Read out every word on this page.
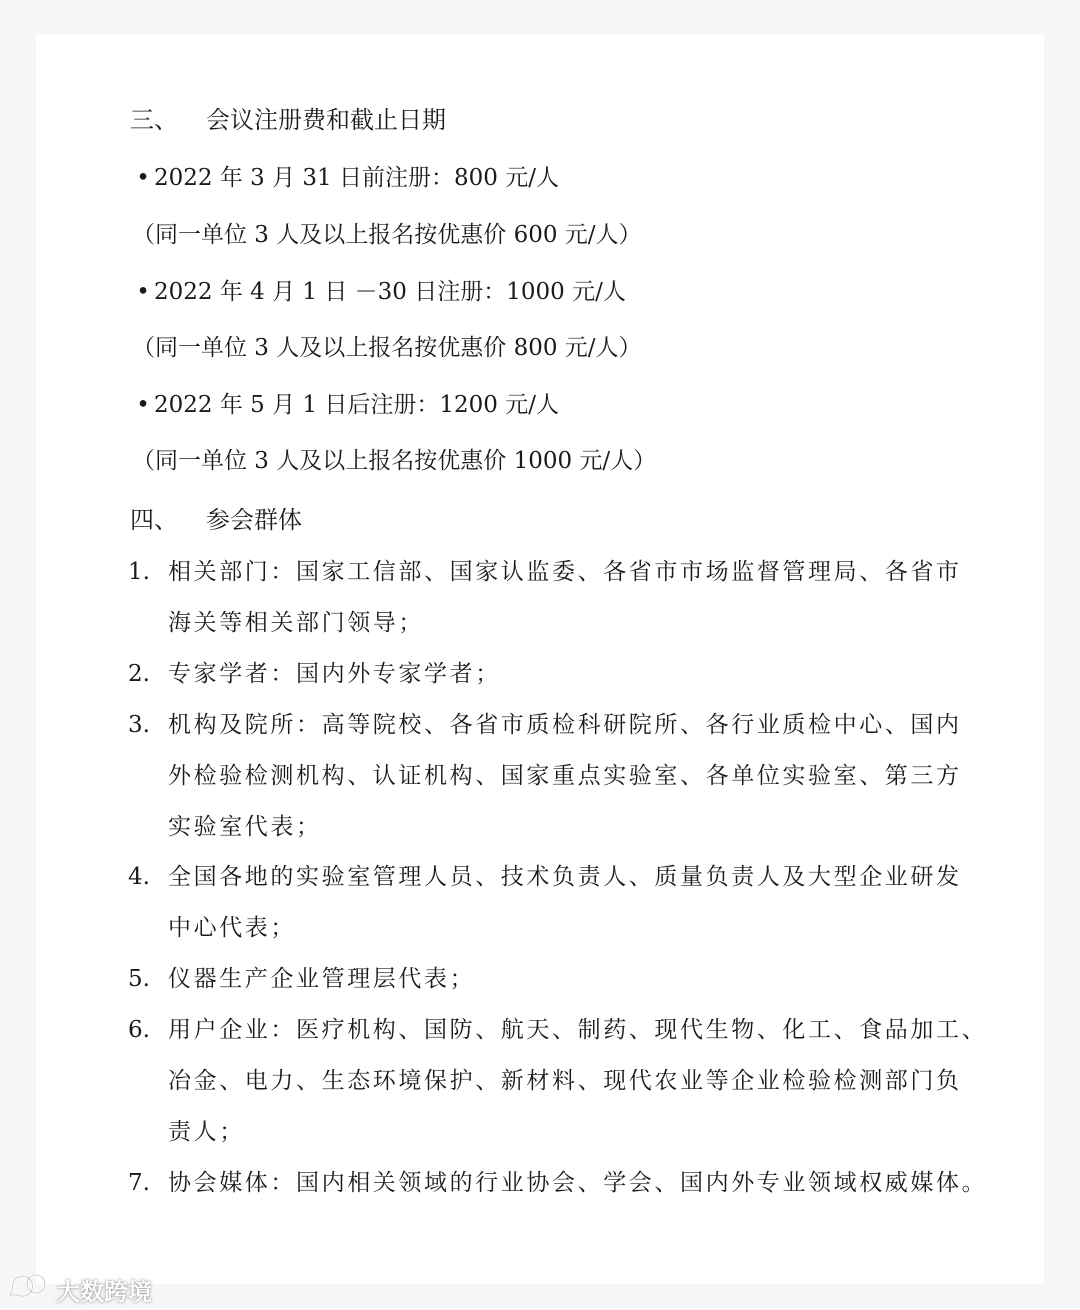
三、 会议注册费和截止日期
• 2022 年 3 月 31 日前注册：800 元/人
（同一单位 3 人及以上报名按优惠价 600 元/人）
• 2022 年 4 月 1 日 －30 日注册：1000 元/人
（同一单位 3 人及以上报名按优惠价 800 元/人）
• 2022 年 5 月 1 日后注册：1200 元/人
（同一单位 3 人及以上报名按优惠价 1000 元/人）
四、 参会群体
1. 相关部门：国家工信部、国家认监委、各省市市场监督管理局、各省市
海关等相关部门领导；
2. 专家学者：国内外专家学者；
3. 机构及院所：高等院校、各省市质检科研院所、各行业质检中心、国内
外检验检测机构、认证机构、国家重点实验室、各单位实验室、第三方
实验室代表；
4. 全国各地的实验室管理人员、技术负责人、质量负责人及大型企业研发
中心代表；
5. 仪器生产企业管理层代表；
6. 用户企业：医疗机构、国防、航天、制药、现代生物、化工、食品加工、
冶金、电力、生态环境保护、新材料、现代农业等企业检验检测部门负
责人；
7. 协会媒体：国内相关领域的行业协会、学会、国内外专业领域权威媒体。
大数跨境
